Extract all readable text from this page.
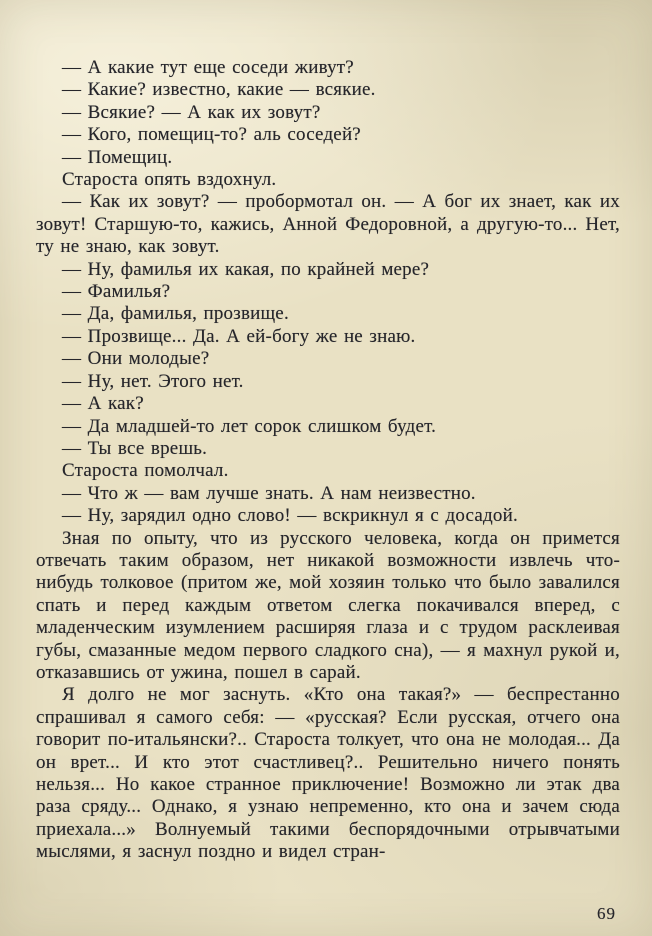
— А какие тут еще соседи живут?

— Какие? известно, какие — всякие.

— Всякие? — А как их зовут?

— Кого, помещиц-то? аль соседей?

— Помещиц.

Староста опять вздохнул.

— Как их зовут? — пробормотал он. — А бог их знает, как их зовут! Старшую-то, кажись, Анной Федоровной, а другую-то... Нет, ту не знаю, как зовут.

— Ну, фамилья их какая, по крайней мере?

— Фамилья?

— Да, фамилья, прозвище.

— Прозвище... Да. А ей-богу же не знаю.

— Они молодые?

— Ну, нет. Этого нет.

— А как?

— Да младшей-то лет сорок слишком будет.

— Ты все врешь.

Староста помолчал.

— Что ж — вам лучше знать. А нам неизвестно.

— Ну, зарядил одно слово! — вскрикнул я с досадой.

Зная по опыту, что из русского человека, когда он примется отвечать таким образом, нет никакой возможности извлечь что-нибудь толковое (притом же, мой хозяин только что было завалился спать и перед каждым ответом слегка покачивался вперед, с младенческим изумлением расширяя глаза и с трудом расклеивая губы, смазанные медом первого сладкого сна), — я махнул рукой и, отказавшись от ужина, пошел в сарай.

Я долго не мог заснуть. «Кто она такая?» — беспрестанно спрашивал я самого себя: — «русская? Если русская, отчего она говорит по-итальянски?.. Староста толкует, что она не молодая... Да он врет... И кто этот счастливец?.. Решительно ничего понять нельзя... Но какое странное приключение! Возможно ли этак два раза сряду... Однако, я узнаю непременно, кто она и зачем сюда приехала...» Волнуемый такими беспорядочными отрывчатыми мыслями, я заснул поздно и видел стран-

69
